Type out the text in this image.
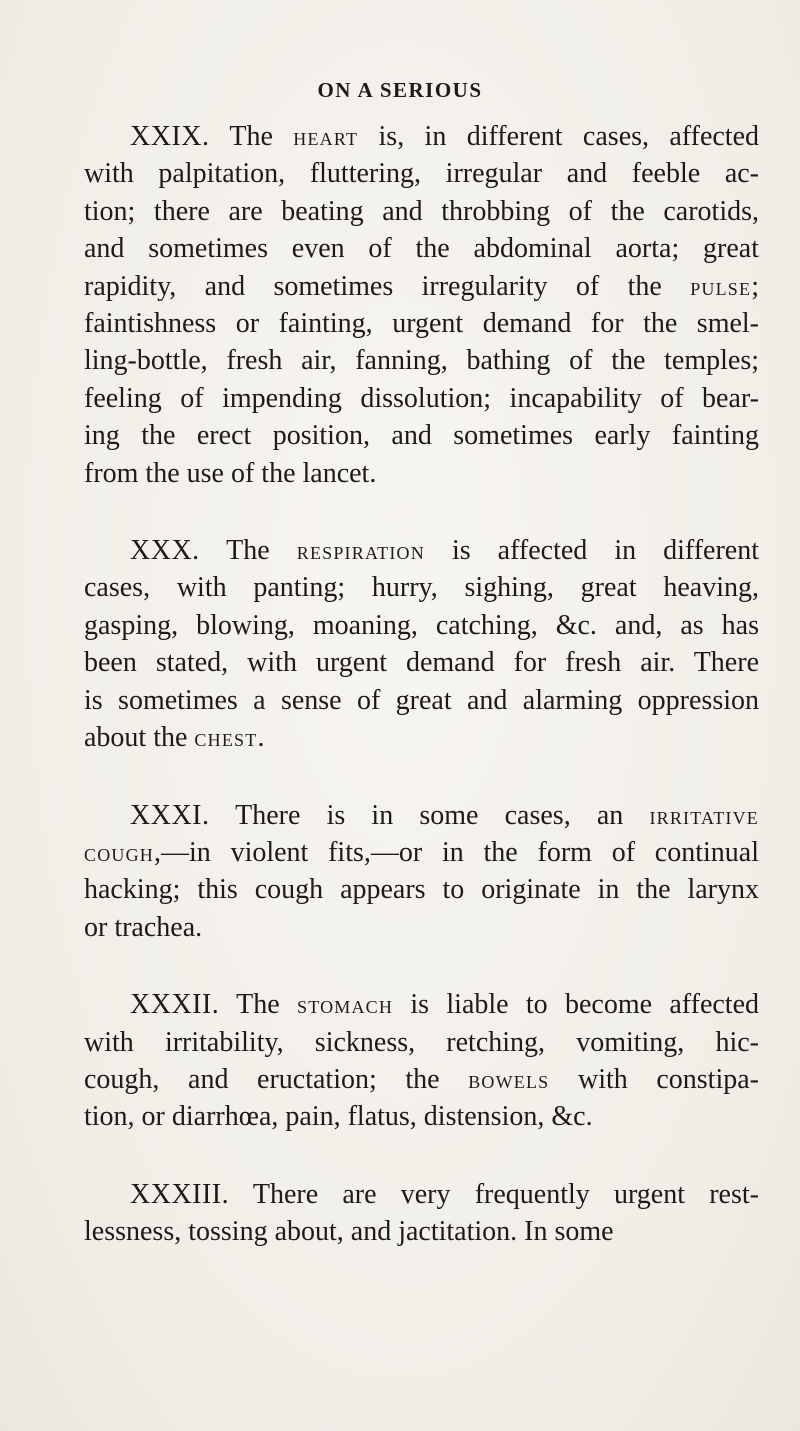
ON A SERIOUS

XXIX. The heart is, in different cases, affected
with palpitation, fluttering, irregular and feeble ac-
tion; there are beating and throbbing of the carotids,
and sometimes even of the abdominal aorta; great
rapidity, and sometimes irregularity of the pulse;
faintishness or fainting, urgent demand for the smel-
ling-bottle, fresh air, fanning, bathing of the temples;
feeling of impending dissolution; incapability of bear-
ing the erect position, and sometimes early fainting
from the use of the lancet.

XXX. The respiration is affected in different
cases, with panting; hurry, sighing, great heaving,
gasping, blowing, moaning, catching, &c. and, as has
been stated, with urgent demand for fresh air. There
is sometimes a sense of great and alarming oppression
about the chest.

XXXI. There is in some cases, an irritative
cough,—in violent fits,—or in the form of continual
hacking; this cough appears to originate in the larynx
or trachea.

XXXII. The stomach is liable to become affected
with irritability, sickness, retching, vomiting, hic-
cough, and eructation; the bowels with constipa-
tion, or diarrhœa, pain, flatus, distension, &c.

XXXIII. There are very frequently urgent rest-
lessness, tossing about, and jactitation. In some
